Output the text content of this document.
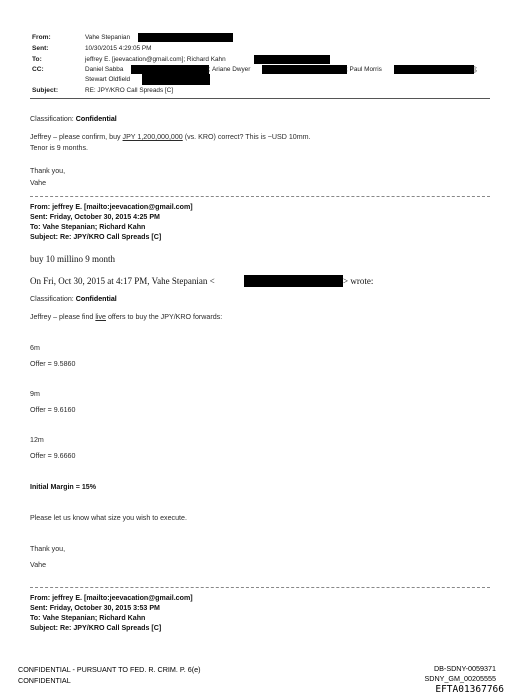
From:	Vahe Stepanian
Sent:	10/30/2015 4:29:05 PM
To:	jeffrey E. [jeevacation@gmail.com]; Richard Kahn
CC:	Daniel Sabba	]; Ariane Dwyer	; Paul Morris	];
Stewart Oldfield
Subject:	RE: JPY/KRO Call Spreads [C]
Classification: Confidential
Jeffrey – please confirm, buy JPY 1,200,000,000 (vs. KRO) correct? This is ~USD 10mm.
Tenor is 9 months.
Thank you,
Vahe
From: jeffrey E. [mailto:jeevacation@gmail.com]
Sent: Friday, October 30, 2015 4:25 PM
To: Vahe Stepanian; Richard Kahn
Subject: Re: JPY/KRO Call Spreads [C]
buy 10 millino 9 month
On Fri, Oct 30, 2015 at 4:17 PM, Vahe Stepanian <	> wrote:
Classification: Confidential
Jeffrey – please find live offers to buy the JPY/KRO forwards:
6m
Offer = 9.5860
9m
Offer = 9.6160
12m
Offer = 9.6660
Initial Margin = 15%
Please let us know what size you wish to execute.
Thank you,
Vahe
From: jeffrey E. [mailto:jeevacation@gmail.com]
Sent: Friday, October 30, 2015 3:53 PM
To: Vahe Stepanian; Richard Kahn
Subject: Re: JPY/KRO Call Spreads [C]
CONFIDENTIAL - PURSUANT TO FED. R. CRIM. P. 6(e)
CONFIDENTIAL
DB-SDNY-0059371
SDNY_GM_00205555
EFTA01367766
